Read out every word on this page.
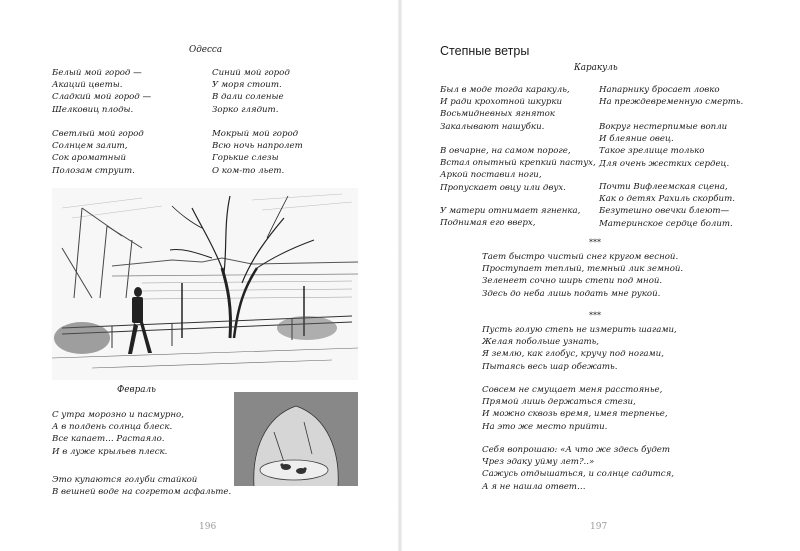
Одесса
Белый мой город —
Акаций цветы.
Сладкий мой город —
Шелковиц плоды.
Светлый мой город
Солнцем залит,
Сок ароматный
Полозам струит.
Синий мой город
У моря стоит.
В дали соленые
Зорко глядит.
Мокрый мой город
Всю ночь напролет
Горькие слезы
О ком-то льет.
Февраль
С утра морозно и пасмурно,
А в полдень солнца блеск.
Все капает… Растаяло.
И в луже крыльев плеск.
Это купаются голуби стайкой
В вешней воде на согретом асфальте.
196
Степные ветры
Каракуль
Был в моде тогда каракуль,
И ради крохотной шкурки
Восьмидневных ягняток
Закалывают нашубки.
В овчарне, на самом пороге,
Встал опытный крепкий пастух,
Аркой поставил ноги,
Пропускает овцу или двух.
У матери отнимает ягненка,
Поднимая его вверх,
Напарнику бросает ловко
На преждевременную смерть.
Вокруг нестерпимые вопли
И блеяние овец.
Такое зрелище только
Для очень жестких сердец.
Почти Вифлеемская сцена,
Как о детях Рахиль скорбит.
Безутешно овечки блеют—
Материнское сердце болит.
***
Тает быстро чистый снег кругом весной.
Проступает теплый, темный лик земной.
Зеленеет сочно ширь степи под мной.
Здесь до неба лишь подать мне рукой.
***
Пусть голую степь не измерить шагами,
Желая побольше узнать,
Я землю, как глобус, кручу под ногами,
Пытаясь весь шар обежать.
Совсем не смущает меня расстоянье,
Прямой лишь держаться стези,
И можно сквозь время, имея терпенье,
На это же место прийти.
Себя вопрошаю: «А что же здесь будет
Чрез эдаку уйму лет?..»
Сажусь отдышаться, и солнце садится,
А я не нашла ответ…
197
